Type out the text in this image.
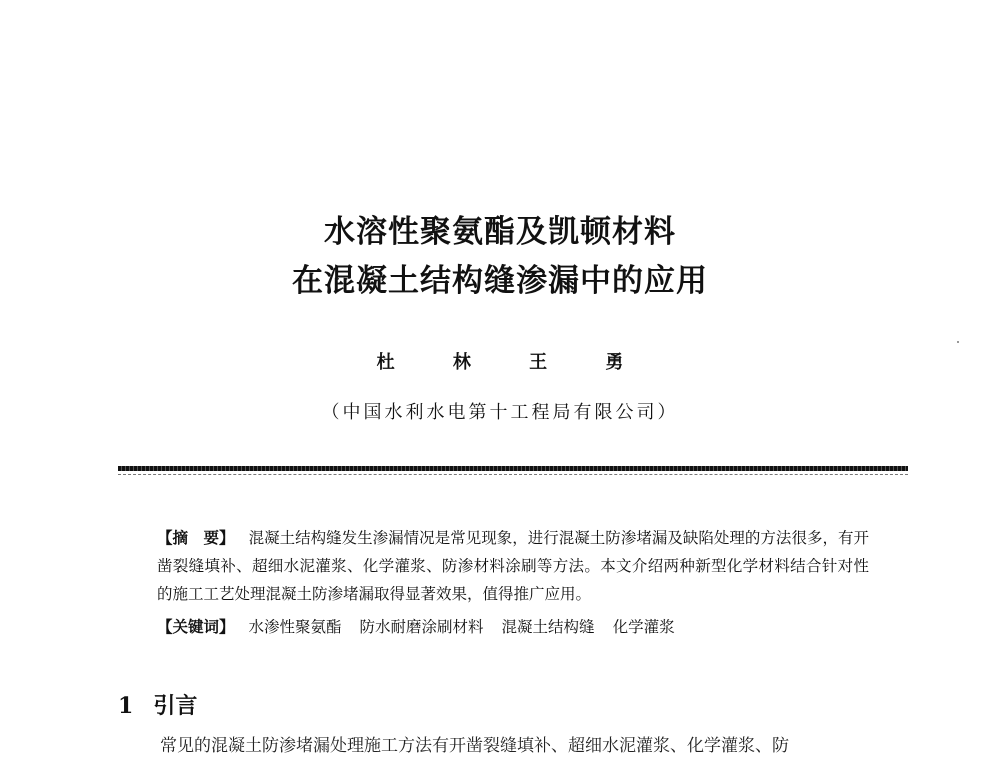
水溶性聚氨酯及凯顿材料
在混凝土结构缝渗漏中的应用
杜 林 王 勇
（中国水利水电第十工程局有限公司）
【摘　要】 混凝土结构缝发生渗漏情况是常见现象，进行混凝土防渗堵漏及缺陷处理的方法很多，有开凿裂缝填补、超细水泥灌浆、化学灌浆、防渗材料涂刷等方法。本文介绍两种新型化学材料结合针对性的施工工艺处理混凝土防渗堵漏取得显著效果，值得推广应用。
【关键词】 水渗性聚氨酯 防水耐磨涂刷材料 混凝土结构缝 化学灌浆
1 引言
常见的混凝土防渗堵漏处理施工方法有开凿裂缝填补、超细水泥灌浆、化学灌浆、防
